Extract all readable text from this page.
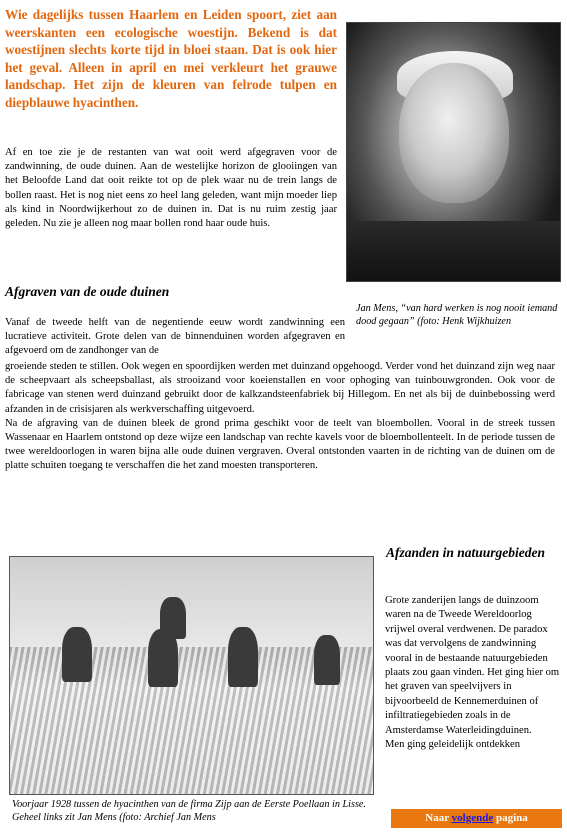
Wie dagelijks tussen Haarlem en Leiden spoort, ziet aan weerskanten een ecologische woestijn. Bekend is dat woestijnen slechts korte tijd in bloei staan. Dat is ook hier het geval. Alleen in april en mei verkleurt het grauwe landschap. Het zijn de kleuren van felrode tulpen en diepblauwe hyacinthen.
Af en toe zie je de restanten van wat ooit werd afgegraven voor de zandwinning, de oude duinen. Aan de westelijke horizon de glooiingen van het Beloofde Land dat ooit reikte tot op de plek waar nu de trein langs de bollen raast. Het is nog niet eens zo heel lang geleden, want mijn moeder liep als kind in Noordwijkerhout zo de duinen in. Dat is nu ruim zestig jaar geleden. Nu zie je alleen nog maar bollen rond haar oude huis.
Jan Mens, “van hard werken is nog nooit iemand dood gegaan” (foto: Henk Wijkhuizen
Afgraven van de oude duinen
Vanaf de tweede helft van de negentiende eeuw wordt zandwinning een lucratieve activiteit. Grote delen van de binnenduinen worden afgegraven en afgevoerd om de zandhonger van de
groeiende steden te stillen. Ook wegen en spoordijken werden met duinzand opgehoogd. Verder vond het duinzand zijn weg naar de scheepvaart als scheepsballast, als strooizand voor koeienstallen en voor ophoging van tuinbouwgronden. Ook voor de fabricage van stenen werd duinzand gebruikt door de kalkzandsteenfabriek bij Hillegom. En net als bij de duinbebossing werd afzanden in de crisisjaren als werkverschaffing uitgevoerd.
Na de afgraving van de duinen bleek de grond prima geschikt voor de teelt van bloembollen. Vooral in de streek tussen Wassenaar en Haarlem ontstond op deze wijze een landschap van rechte kavels voor de bloembollenteelt. In de periode tussen de twee wereldoorlogen in waren bijna alle oude duinen vergraven. Overal ontstonden vaarten in de richting van de duinen om de platte schuiten toegang te verschaffen die het zand moesten transporteren.
Voorjaar 1928 tussen de hyacinthen van de firma Zijp aan de Eerste Poellaan in Lisse. Geheel links zit Jan Mens (foto: Archief Jan Mens
Afzanden in natuurgebieden
Grote zanderijen langs de duinzoom waren na de Tweede Wereldoorlog vrijwel overal verdwenen. De paradox was dat vervolgens de zandwinning vooral in de bestaande natuurgebieden plaats zou gaan vinden. Het ging hier om het graven van speelvijvers in bijvoorbeeld de Kennemerduinen of infiltratiegebieden zoals in de Amsterdamse Waterleidingduinen.
Men ging geleidelijk ontdekken
Naar volgende pagina
